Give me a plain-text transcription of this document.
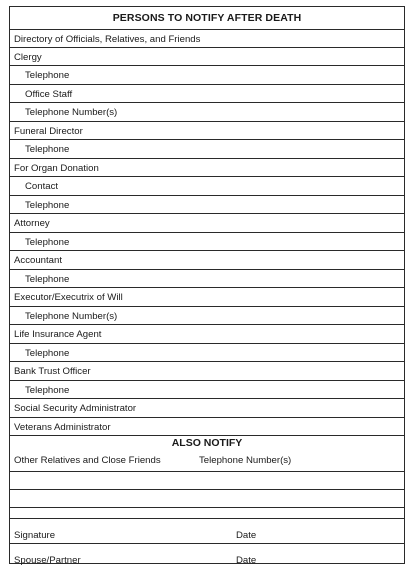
PERSONS TO NOTIFY AFTER DEATH
Directory of Officials, Relatives, and Friends
Clergy
Telephone
Office Staff
Telephone Number(s)
Funeral Director
Telephone
For Organ Donation
Contact
Telephone
Attorney
Telephone
Accountant
Telephone
Executor/Executrix of Will
Telephone Number(s)
Life Insurance Agent
Telephone
Bank Trust Officer
Telephone
Social Security Administrator
Veterans Administrator
ALSO NOTIFY
Other Relatives and Close Friends	Telephone Number(s)
Signature	Date
Spouse/Partner	Date
